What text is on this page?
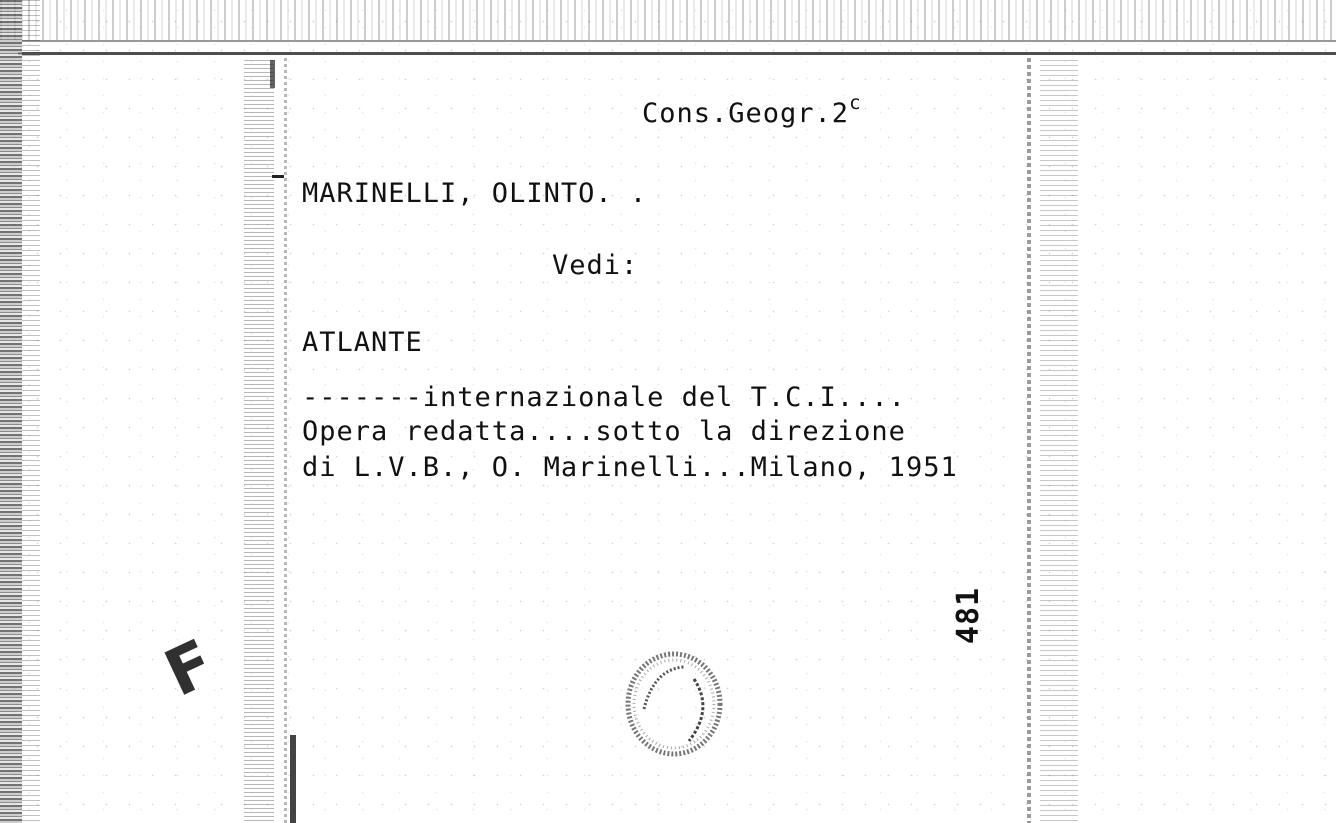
Cons.Geogr.2$^c$
MARINELLI, OLINTO. .
Vedi:
ATLANTE
-------internazionale del T.C.I....
Opera redatta....sotto la direzione
di L.V.B., O. Marinelli...Milano, 1951
481
F
